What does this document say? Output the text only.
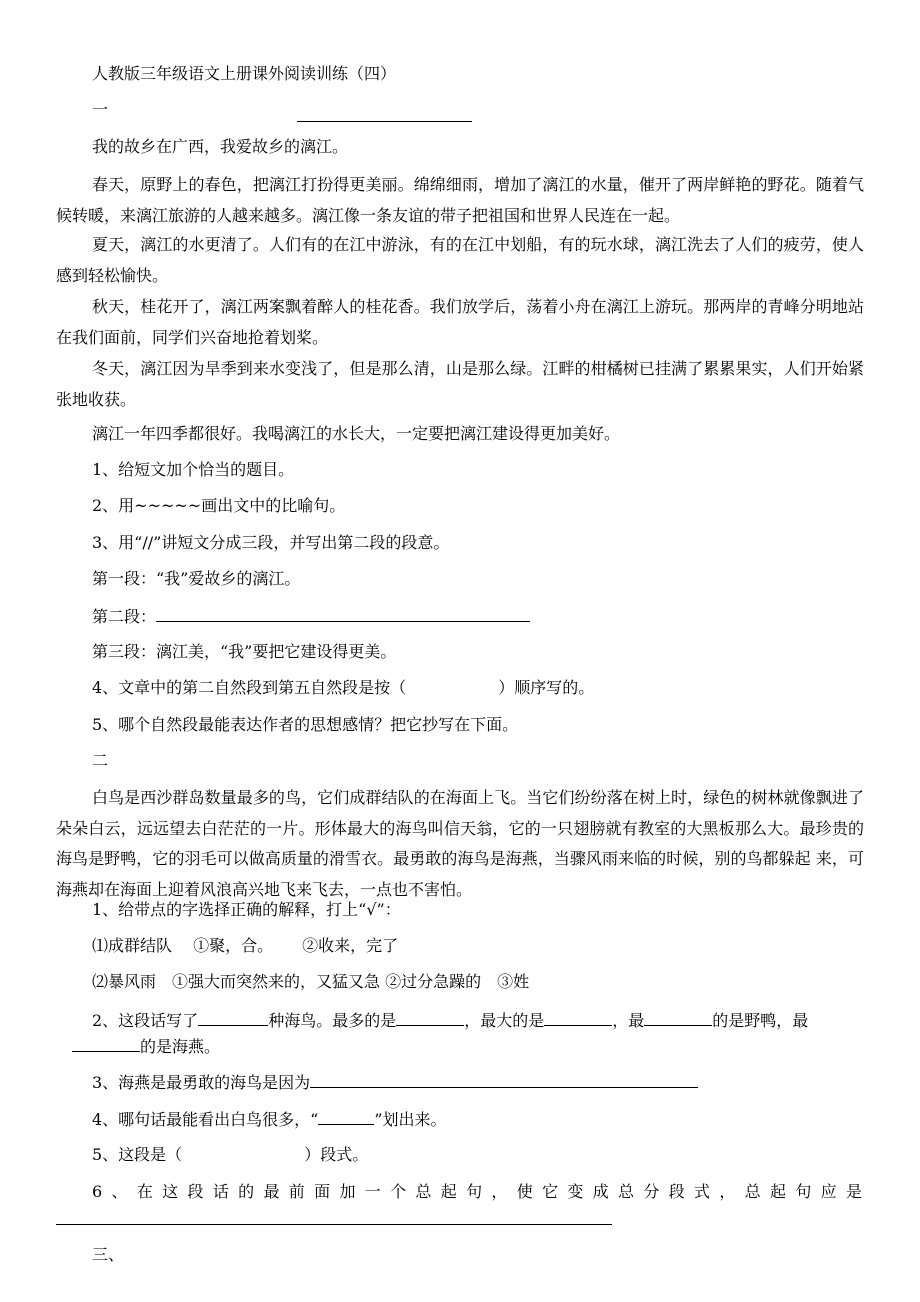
人教版三年级语文上册课外阅读训练（四）

一

我的故乡在广西，我爱故乡的漓江。

春天，原野上的春色，把漓江打扮得更美丽。绵绵细雨，增加了漓江的水量，催开了两岸鲜艳的野花。随着气候转暖，来漓江旅游的人越来越多。漓江像一条友谊的带子把祖国和世界人民连在一起。

夏天，漓江的水更清了。人们有的在江中游泳，有的在江中划船，有的玩水球，漓江洗去了人们的疲劳，使人感到轻松愉快。

秋天，桂花开了，漓江两案飘着醉人的桂花香。我们放学后，荡着小舟在漓江上游玩。那两岸的青峰分明地站在我们面前，同学们兴奋地抢着划桨。

冬天，漓江因为旱季到来水变浅了，但是那么清，山是那么绿。江畔的柑橘树已挂满了累累果实，人们开始紧张地收获。

漓江一年四季都很好。我喝漓江的水长大，一定要把漓江建设得更加美好。

1、给短文加个恰当的题目。

2、用~~~~~画出文中的比喻句。

3、用“//”讲短文分成三段，并写出第二段的段意。

第一段：“我”爱故乡的漓江。

第二段：

第三段：漓江美，“我”要把它建设得更美。

4、文章中的第二自然段到第五自然段是按（	）顺序写的。

5、哪个自然段最能表达作者的思想感情？把它抄写在下面。

二

白鸟是西沙群岛数量最多的鸟，它们成群结队的在海面上飞。当它们纷纷落在树上时，绿色的树林就像飘进了朵朵白云，远远望去白茫茫的一片。形体最大的海鸟叫信天翁，它的一只翅膀就有教室的大黑板那么大。最珍贵的海鸟是野鸭，它的羽毛可以做高质量的滑雪衣。最勇敢的海鸟是海燕，当骤风雨来临的时候，别的鸟都躲起 来，可海燕却在海面上迎着风浪高兴地飞来飞去，一点也不害怕。

1、给带点的字选择正确的解释，打上“√”：

⑴成群结队　 ①聚，合。　　 ②收来，完了

⑵暴风雨　①强大而突然来的，又猛又急 ②过分急躁的　③姓

2、这段话写了	种海鸟。最多的是	，最大的是	，最	的是野鸭，最

的是海燕。

3、海燕是最勇敢的海鸟是因为

4、哪句话最能看出白鸟很多，“	”划出来。

5、这段是（	）段式。

6、在这段话的最前面加一个总起句，使它变成总分段式，总起句应是

三、
